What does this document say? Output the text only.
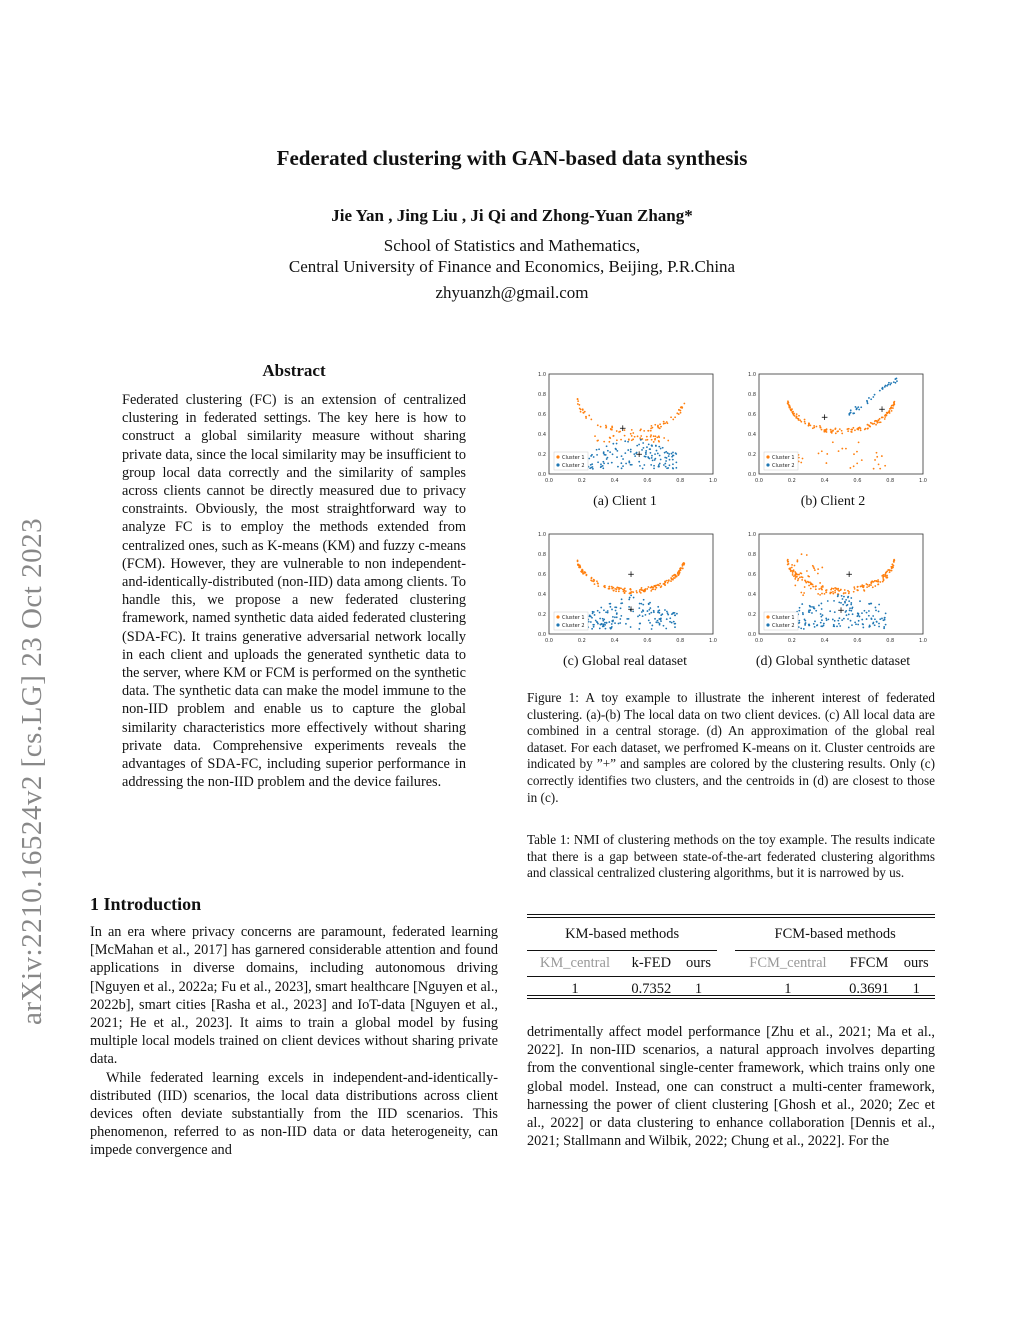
Federated clustering with GAN-based data synthesis
Jie Yan , Jing Liu , Ji Qi and Zhong-Yuan Zhang*
School of Statistics and Mathematics,
Central University of Finance and Economics, Beijing, P.R.China
zhyuanzh@gmail.com
arXiv:2210.16524v2 [cs.LG] 23 Oct 2023
Abstract
Federated clustering (FC) is an extension of centralized clustering in federated settings. The key here is how to construct a global similarity measure without sharing private data, since the local similarity may be insufficient to group local data correctly and the similarity of samples across clients cannot be directly measured due to privacy constraints. Obviously, the most straightforward way to analyze FC is to employ the methods extended from centralized ones, such as K-means (KM) and fuzzy c-means (FCM). However, they are vulnerable to non independent-and-identically-distributed (non-IID) data among clients. To handle this, we propose a new federated clustering framework, named synthetic data aided federated clustering (SDA-FC). It trains generative adversarial network locally in each client and uploads the generated synthetic data to the server, where KM or FCM is performed on the synthetic data. The synthetic data can make the model immune to the non-IID problem and enable us to capture the global similarity characteristics more effectively without sharing private data. Comprehensive experiments reveals the advantages of SDA-FC, including superior performance in addressing the non-IID problem and the device failures.
1 Introduction

In an era where privacy concerns are paramount, federated learning [McMahan et al., 2017] has garnered considerable attention and found applications in diverse domains, including autonomous driving [Nguyen et al., 2022a; Fu et al., 2023], smart healthcare [Nguyen et al., 2022b], smart cities [Rasha et al., 2023] and IoT-data [Nguyen et al., 2021; He et al., 2023]. It aims to train a global model by fusing multiple local models trained on client devices without sharing private data.

While federated learning excels in independent-and-identically-distributed (IID) scenarios, the local data distributions across client devices often deviate substantially from the IID scenarios. This phenomenon, referred to as non-IID data or data heterogeneity, can impede convergence and

0.0
0.0
0.2
0.2
0.4
0.4
0.6
0.6
0.8
0.8
1.0
1.0
+
+
Cluster 1
Cluster 2
0.0
0.0
0.2
0.2
0.4
0.4
0.6
0.6
0.8
0.8
1.0
1.0
+
+
Cluster 1
Cluster 2
0.0
0.0
0.2
0.2
0.4
0.4
0.6
0.6
0.8
0.8
1.0
1.0
+
+
Cluster 1
Cluster 2
0.0
0.0
0.2
0.2
0.4
0.4
0.6
0.6
0.8
0.8
1.0
1.0
+
+
Cluster 1
Cluster 2
(a) Client 1	(b) Client 2
(c) Global real dataset	(d) Global synthetic dataset
Figure 1: A toy example to illustrate the inherent interest of federated clustering. (a)-(b) The local data on two client devices. (c) All local data are combined in a central storage. (d) An approximation of the global real dataset. For each dataset, we perfromed K-means on it. Cluster centroids are indicated by ”+” and samples are colored by the clustering results. Only (c) correctly identifies two clusters, and the centroids in (d) are closest to those in (c).
Table 1: NMI of clustering methods on the toy example. The results indicate that there is a gap between state-of-the-art federated clustering algorithms and classical centralized clustering algorithms, but it is narrowed by us.
KM-based methods				FCM-based methods		
KM_central	k-FED	ours		FCM_central	FFCM	ours
1	0.7352	1		1	0.3691	1
detrimentally affect model performance [Zhu et al., 2021; Ma et al., 2022]. In non-IID scenarios, a natural approach involves departing from the conventional single-center framework, which trains only one global model. Instead, one can construct a multi-center framework, harnessing the power of client clustering [Ghosh et al., 2020; Zec et al., 2022] or data clustering to enhance collaboration [Dennis et al., 2021; Stallmann and Wilbik, 2022; Chung et al., 2022]. For the
